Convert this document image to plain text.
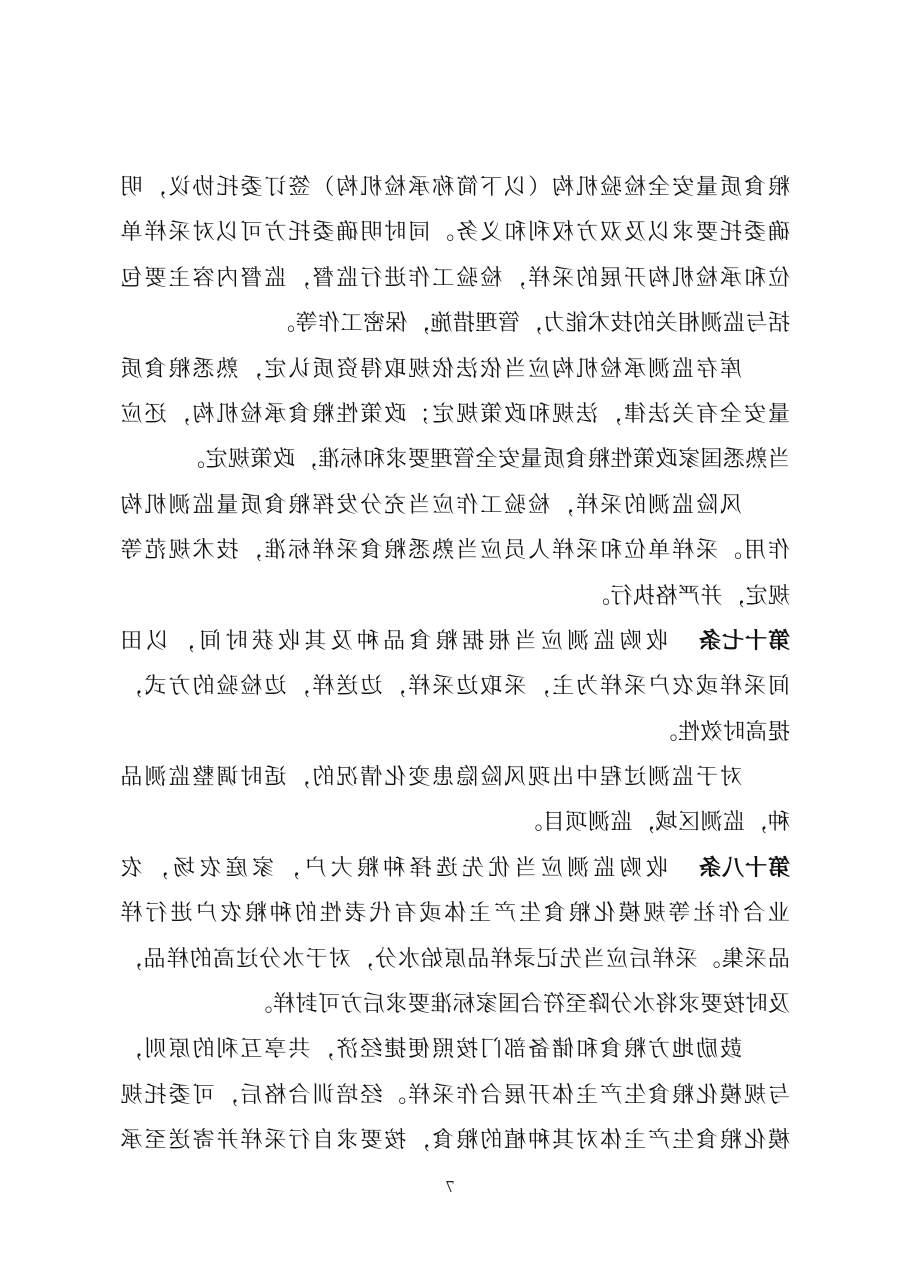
粮食质量安全检验机构（以下简称承检机构）签订委托协议，明
确委托要求以及双方权利和义务。同时明确委托方可以对采样单
位和承检机构开展的采样，检验工作进行监督，监督内容主要包
括与监测相关的技术能力，管理措施，保密工作等。
库存监测承检机构应当依法依规取得资质认定，熟悉粮食质
量安全有关法律，法规和政策规定；政策性粮食承检机构，还应
当熟悉国家政策性粮食质量安全管理要求和标准，政策规定。
风险监测的采样，检验工作应当充分发挥粮食质量监测机构
作用。采样单位和采样人员应当熟悉粮食采样标准，技术规范等
规定，并严格执行。
第十七条
收购监测应当根据粮食品种及其收获时间，以田
间采样或农户采样为主，采取边采样，边送样，边检验的方式，
提高时效性。
对于监测过程中出现风险隐患变化情况的，适时调整监测品
种，监测区域，监测项目。
第十八条
收购监测应当优先选择种粮大户，家庭农场，农
业合作社等规模化粮食生产主体或有代表性的种粮农户进行样
品采集。采样后应当先记录样品原始水分，对于水分过高的样品，
及时按要求将水分降至符合国家标准要求后方可封样。
鼓励地方粮食和储备部门按照便捷经济，共享互利的原则，
与规模化粮食生产主体开展合作采样。经培训合格后，可委托规
模化粮食生产主体对其种植的粮食，按要求自行采样并寄送至承
7
